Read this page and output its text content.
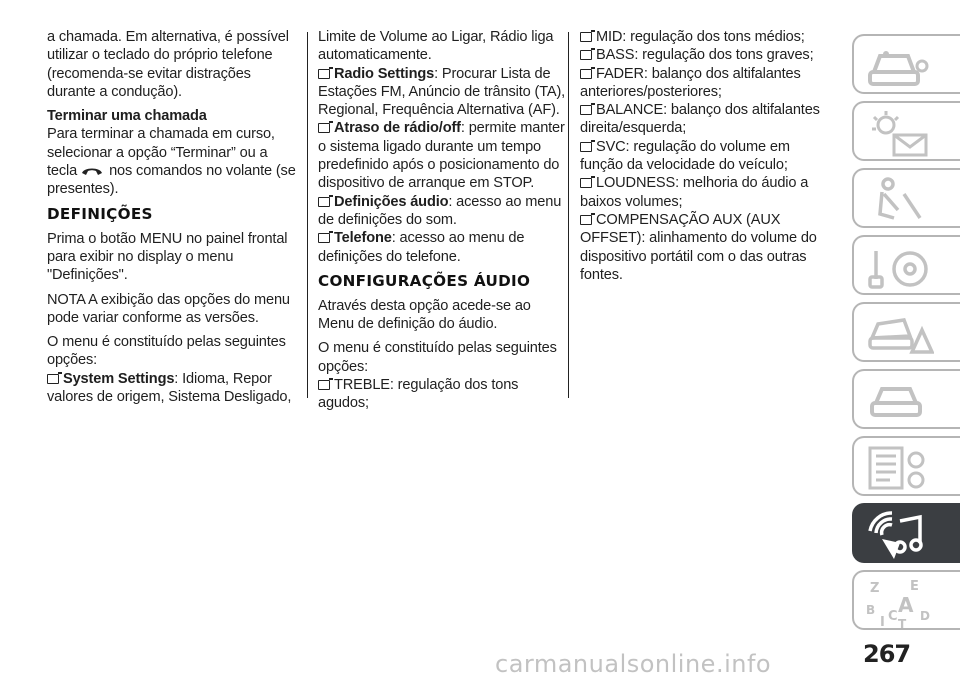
a chamada. Em alternativa, é possível utilizar o teclado do próprio telefone (recomenda-se evitar distrações durante a condução).

Terminar uma chamada

Para terminar a chamada em curso, selecionar a opção “Terminar” ou a tecla nos comandos no volante (se presentes).

DEFINIÇÕES

Prima o botão MENU no painel frontal para exibir no display o menu "Definições".

NOTA A exibição das opções do menu pode variar conforme as versões.

O menu é constituído pelas seguintes opções:

System Settings: Idioma, Repor valores de origem, Sistema Desligado,

Limite de Volume ao Ligar, Rádio liga automaticamente.

Radio Settings: Procurar Lista de Estações FM, Anúncio de trânsito (TA), Regional, Frequência Alternativa (AF).
Atraso de rádio/off: permite manter o sistema ligado durante um tempo predefinido após o posicionamento do dispositivo de arranque em STOP.
Definições áudio: acesso ao menu de definições do som.
Telefone: acesso ao menu de definições do telefone.
CONFIGURAÇÕES ÁUDIO

Através desta opção acede-se ao Menu de definição do áudio.

O menu é constituído pelas seguintes opções:

TREBLE: regulação dos tons agudos;
MID: regulação dos tons médios;
BASS: regulação dos tons graves;
FADER: balanço dos altifalantes anteriores/posteriores;
BALANCE: balanço dos altifalantes direita/esquerda;
SVC: regulação do volume em função da velocidade do veículo;
LOUDNESS: melhoria do áudio a baixos volumes;
COMPENSAÇÃO AUX (AUX OFFSET): alinhamento do volume do dispositivo portátil com o das outras fontes.
Z E
B A
I C T
D
267
carmanualsonline.info
